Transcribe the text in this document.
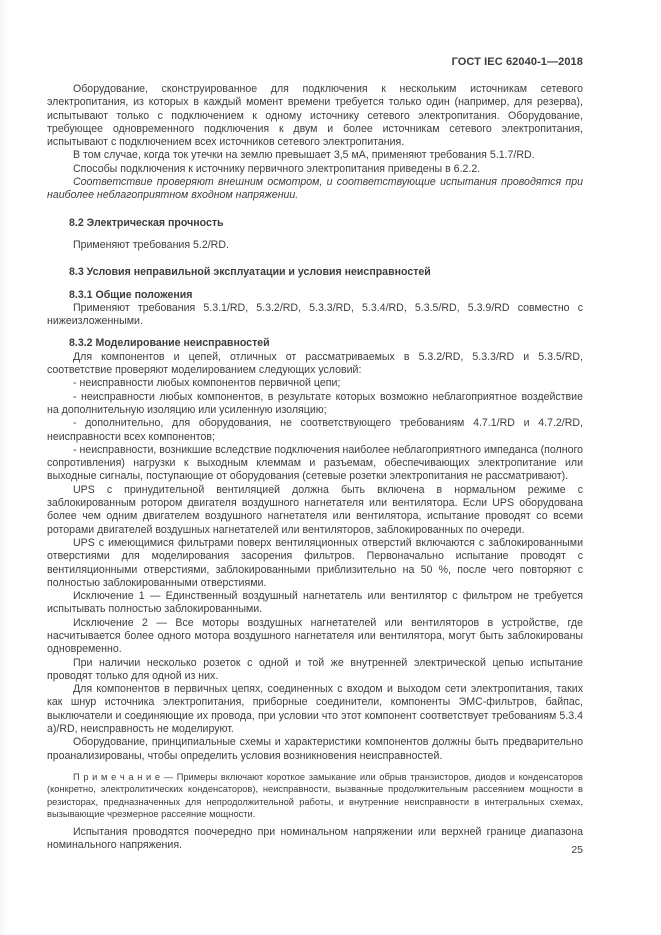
ГОСТ IEC 62040-1—2018

Оборудование, сконструированное для подключения к нескольким источникам сетевого электропитания, из которых в каждый момент времени требуется только один (например, для резерва), испытывают только с подключением к одному источнику сетевого электропитания. Оборудование, требующее одновременного подключения к двум и более источникам сетевого электропитания, испытывают с подключением всех источников сетевого электропитания.

В том случае, когда ток утечки на землю превышает 3,5 мА, применяют требования 5.1.7/RD.

Способы подключения к источнику первичного электропитания приведены в 6.2.2.

Соответствие проверяют внешним осмотром, и соответствующие испытания проводятся при наиболее неблагоприятном входном напряжении.

8.2 Электрическая прочность

Применяют требования 5.2/RD.

8.3 Условия неправильной эксплуатации и условия неисправностей

8.3.1 Общие положения

Применяют требования 5.3.1/RD, 5.3.2/RD, 5.3.3/RD, 5.3.4/RD, 5.3.5/RD, 5.3.9/RD совместно с нижеизложенными.

8.3.2 Моделирование неисправностей

Для компонентов и цепей, отличных от рассматриваемых в 5.3.2/RD, 5.3.3/RD и 5.3.5/RD, соответствие проверяют моделированием следующих условий:

- неисправности любых компонентов первичной цепи;

- неисправности любых компонентов, в результате которых возможно неблагоприятное воздействие на дополнительную изоляцию или усиленную изоляцию;

- дополнительно, для оборудования, не соответствующего требованиям 4.7.1/RD и 4.7.2/RD, неисправности всех компонентов;

- неисправности, возникшие вследствие подключения наиболее неблагоприятного импеданса (полного сопротивления) нагрузки к выходным клеммам и разъемам, обеспечивающих электропитание или выходные сигналы, поступающие от оборудования (сетевые розетки электропитания не рассматривают).

UPS с принудительной вентиляцией должна быть включена в нормальном режиме с заблокированным ротором двигателя воздушного нагнетателя или вентилятора. Если UPS оборудована более чем одним двигателем воздушного нагнетателя или вентилятора, испытание проводят со всеми роторами двигателей воздушных нагнетателей или вентиляторов, заблокированных по очереди.

UPS с имеющимися фильтрами поверх вентиляционных отверстий включаются с заблокированными отверстиями для моделирования засорения фильтров. Первоначально испытание проводят с вентиляционными отверстиями, заблокированными приблизительно на 50 %, после чего повторяют с полностью заблокированными отверстиями.

Исключение 1 — Единственный воздушный нагнетатель или вентилятор с фильтром не требуется испытывать полностью заблокированными.

Исключение 2 — Все моторы воздушных нагнетателей или вентиляторов в устройстве, где насчитывается более одного мотора воздушного нагнетателя или вентилятора, могут быть заблокированы одновременно.

При наличии несколько розеток с одной и той же внутренней электрической цепью испытание проводят только для одной из них.

Для компонентов в первичных цепях, соединенных с входом и выходом сети электропитания, таких как шнур источника электропитания, приборные соединители, компоненты ЭМС-фильтров, байпас, выключатели и соединяющие их провода, при условии что этот компонент соответствует требованиям 5.3.4 a)/RD, неисправность не моделируют.

Оборудование, принципиальные схемы и характеристики компонентов должны быть предварительно проанализированы, чтобы определить условия возникновения неисправностей.

П р и м е ч а н и е — Примеры включают короткое замыкание или обрыв транзисторов, диодов и конденсаторов (конкретно, электролитических конденсаторов), неисправности, вызванные продолжительным рассеянием мощности в резисторах, предназначенных для непродолжительной работы, и внутренние неисправности в интегральных схемах, вызывающие чрезмерное рассеяние мощности.

Испытания проводятся поочередно при номинальном напряжении или верхней границе диапазона номинального напряжения.	25
